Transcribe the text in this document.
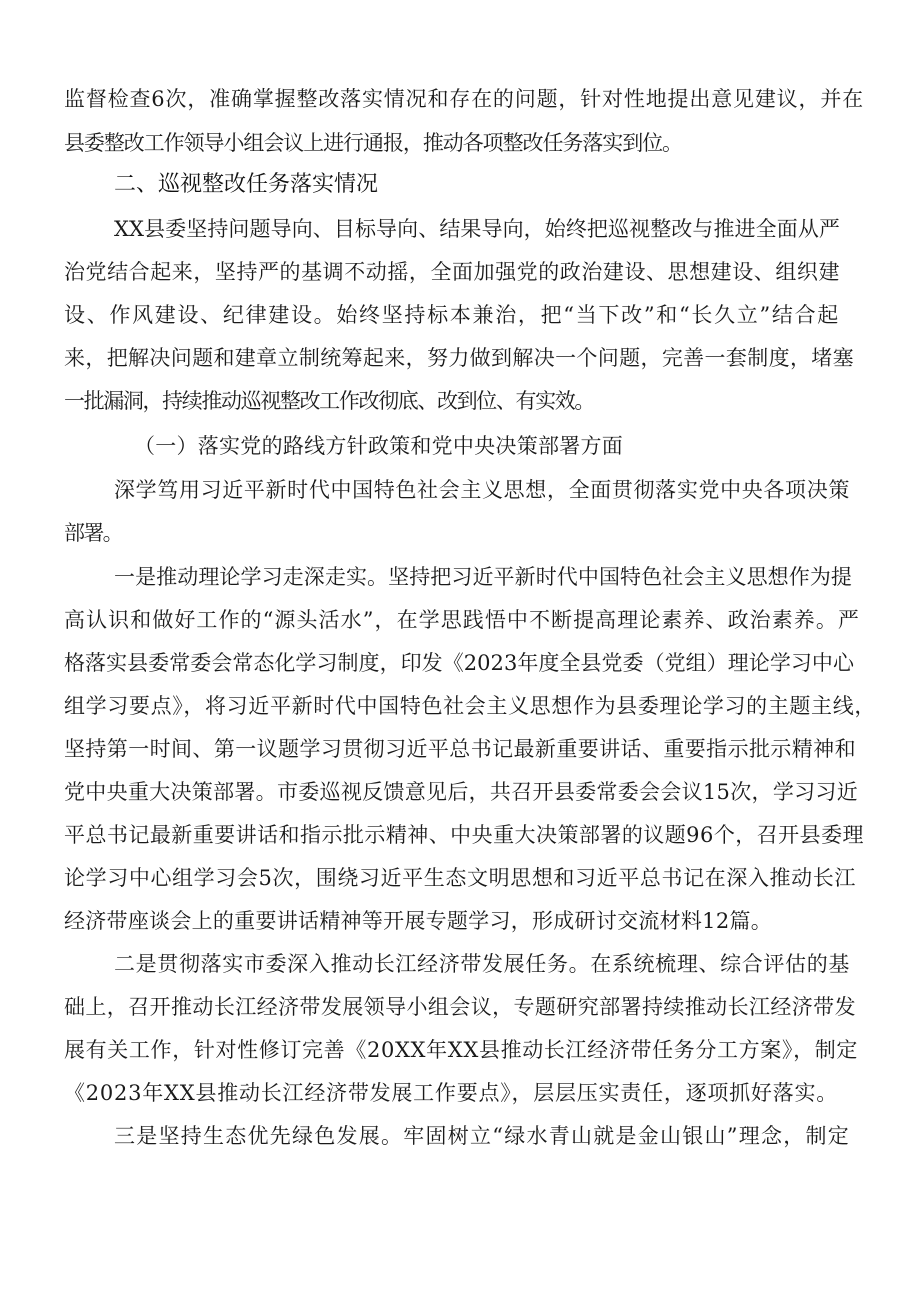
监督检查6次，准确掌握整改落实情况和存在的问题，针对性地提出意见建议，并在
县委整改工作领导小组会议上进行通报，推动各项整改任务落实到位。
二、巡视整改任务落实情况
XX县委坚持问题导向、目标导向、结果导向，始终把巡视整改与推进全面从严
治党结合起来，坚持严的基调不动摇，全面加强党的政治建设、思想建设、组织建
设、作风建设、纪律建设。始终坚持标本兼治，把“当下改”和“长久立”结合起
来，把解决问题和建章立制统筹起来，努力做到解决一个问题，完善一套制度，堵塞
一批漏洞，持续推动巡视整改工作改彻底、改到位、有实效。
（一）落实党的路线方针政策和党中央决策部署方面
深学笃用习近平新时代中国特色社会主义思想，全面贯彻落实党中央各项决策
部署。
一是推动理论学习走深走实。坚持把习近平新时代中国特色社会主义思想作为提
高认识和做好工作的“源头活水”，在学思践悟中不断提高理论素养、政治素养。严
格落实县委常委会常态化学习制度，印发《2023年度全县党委（党组）理论学习中心
组学习要点》，将习近平新时代中国特色社会主义思想作为县委理论学习的主题主线，
坚持第一时间、第一议题学习贯彻习近平总书记最新重要讲话、重要指示批示精神和
党中央重大决策部署。市委巡视反馈意见后，共召开县委常委会会议15次，学习习近
平总书记最新重要讲话和指示批示精神、中央重大决策部署的议题96个，召开县委理
论学习中心组学习会5次，围绕习近平生态文明思想和习近平总书记在深入推动长江
经济带座谈会上的重要讲话精神等开展专题学习，形成研讨交流材料12篇。
二是贯彻落实市委深入推动长江经济带发展任务。在系统梳理、综合评估的基
础上，召开推动长江经济带发展领导小组会议，专题研究部署持续推动长江经济带发
展有关工作，针对性修订完善《20XX年XX县推动长江经济带任务分工方案》，制定
《2023年XX县推动长江经济带发展工作要点》，层层压实责任，逐项抓好落实。
三是坚持生态优先绿色发展。牢固树立“绿水青山就是金山银山”理念，制定
